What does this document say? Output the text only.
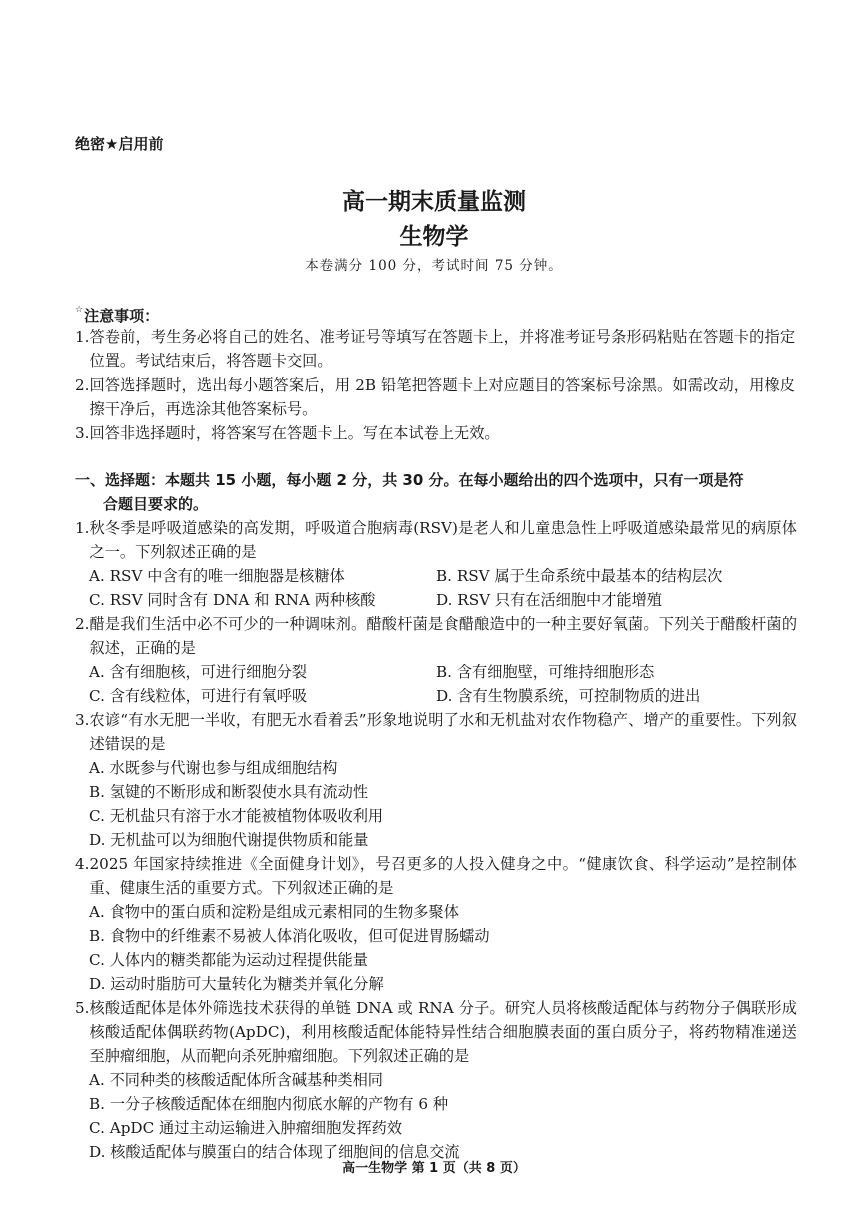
绝密★启用前
高一期末质量监测
生物学
本卷满分 100 分，考试时间 75 分钟。
☆注意事项：
1. 答卷前，考生务必将自己的姓名、准考证号等填写在答题卡上，并将准考证号条形码粘贴在答题卡的指定位置。考试结束后，将答题卡交回。
2. 回答选择题时，选出每小题答案后，用 2B 铅笔把答题卡上对应题目的答案标号涂黑。如需改动，用橡皮擦干净后，再选涂其他答案标号。
3. 回答非选择题时，将答案写在答题卡上。写在本试卷上无效。
一、选择题：本题共 15 小题，每小题 2 分，共 30 分。在每小题给出的四个选项中，只有一项是符
合题目要求的。
1. 秋冬季是呼吸道感染的高发期，呼吸道合胞病毒(RSV)是老人和儿童患急性上呼吸道感染最常见的病原体之一。下列叙述正确的是
A. RSV 中含有的唯一细胞器是核糖体	B. RSV 属于生命系统中最基本的结构层次
C. RSV 同时含有 DNA 和 RNA 两种核酸	D. RSV 只有在活细胞中才能增殖
2. 醋是我们生活中必不可少的一种调味剂。醋酸杆菌是食醋酿造中的一种主要好氧菌。下列关于醋酸杆菌的叙述，正确的是
A. 含有细胞核，可进行细胞分裂	B. 含有细胞壁，可维持细胞形态
C. 含有线粒体，可进行有氧呼吸	D. 含有生物膜系统，可控制物质的进出
3. 农谚“有水无肥一半收，有肥无水看着丢”形象地说明了水和无机盐对农作物稳产、增产的重要性。下列叙述错误的是
A. 水既参与代谢也参与组成细胞结构
B. 氢键的不断形成和断裂使水具有流动性
C. 无机盐只有溶于水才能被植物体吸收利用
D. 无机盐可以为细胞代谢提供物质和能量
4. 2025 年国家持续推进《全面健身计划》，号召更多的人投入健身之中。“健康饮食、科学运动”是控制体重、健康生活的重要方式。下列叙述正确的是
A. 食物中的蛋白质和淀粉是组成元素相同的生物多聚体
B. 食物中的纤维素不易被人体消化吸收，但可促进胃肠蠕动
C. 人体内的糖类都能为运动过程提供能量
D. 运动时脂肪可大量转化为糖类并氧化分解
5. 核酸适配体是体外筛选技术获得的单链 DNA 或 RNA 分子。研究人员将核酸适配体与药物分子偶联形成核酸适配体偶联药物(ApDC)，利用核酸适配体能特异性结合细胞膜表面的蛋白质分子，将药物精准递送至肿瘤细胞，从而靶向杀死肿瘤细胞。下列叙述正确的是
A. 不同种类的核酸适配体所含碱基种类相同
B. 一分子核酸适配体在细胞内彻底水解的产物有 6 种
C. ApDC 通过主动运输进入肿瘤细胞发挥药效
D. 核酸适配体与膜蛋白的结合体现了细胞间的信息交流
高一生物学 第 1 页（共 8 页）
